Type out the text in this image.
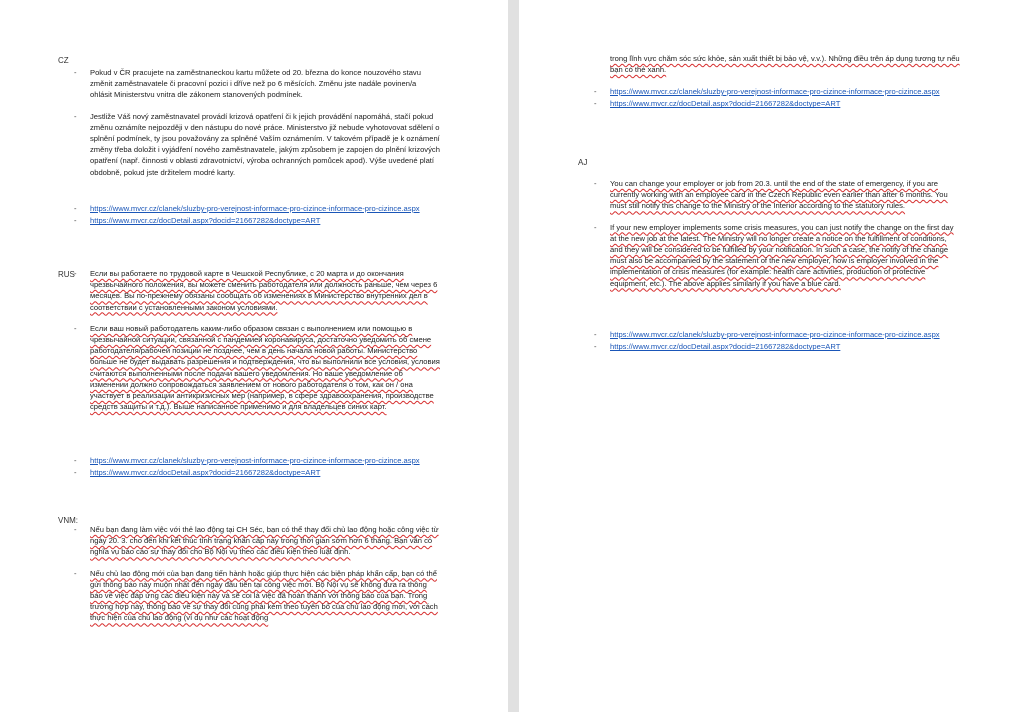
CZ
- Pokud v ČR pracujete na zaměstnaneckou kartu můžete od 20. března do konce nouzového stavu změnit zaměstnavatele či pracovní pozici i dříve než po 6 měsících. Změnu jste nadále povinen/a ohlásit Ministerstvu vnitra dle zákonem stanovených podmínek.
- Jestliže Váš nový zaměstnavatel provádí krizová opatření či k jejich provádění napomáhá, stačí pokud změnu oznámíte nejpozději v den nástupu do nové práce. Ministerstvo již nebude vyhotovovat sdělení o splnění podmínek, ty jsou považovány za splněné Vaším oznámením. V takovém případě je k oznámení změny třeba doložit i vyjádření nového zaměstnavatele, jakým způsobem je zapojen do plnění krizových opatření (např. činnosti v oblasti zdravotnictví, výroba ochranných pomůcek apod). Výše uvedené platí obdobně, pokud jste držitelem modré karty.
- https://www.mvcr.cz/clanek/sluzby-pro-verejnost-informace-pro-cizince-informace-pro-cizince.aspx
- https://www.mvcr.cz/docDetail.aspx?docid=21667282&doctype=ART
RUS
-	Если вы работаете по трудовой карте в Чешской Республике, с 20 марта и до окончания чрезвычайного положения, вы можете сменить работодателя или должность раньше, чем через 6 месяцев. Вы по-прежнему обязаны сообщать об изменениях в Министерство внутренних дел в соответствии с установленными законом условиями.
- Если ваш новый работодатель каким-либо образом связан с выполнением или помощью в чрезвычайной ситуации, связанной с пандемией коронавируса, достаточно уведомить об смене работодателя/рабочей позиции не позднее, чем в день начала новой работы. Министерство больше не будет выдавать разрешения и подтверждения, что вы выполнили все условия, условия считаются выполненными после подачи вашего уведомления. Но ваше уведомление об изменении должно сопровождаться заявлением от нового работодателя о том, как он / она участвует в реализации антикризисных мер (например, в сфере здравоохранения, производстве средств защиты и т.д.). Выше написанное применимо и для владельцев синих карт.
- https://www.mvcr.cz/clanek/sluzby-pro-verejnost-informace-pro-cizince-informace-pro-cizince.aspx
- https://www.mvcr.cz/docDetail.aspx?docid=21667282&doctype=ART
VNM:
- Nếu bạn đang làm việc với thẻ lao động tại CH Séc, bạn có thể thay đổi chủ lao động hoặc công việc từ ngày 20. 3. cho đến khi kết thúc tình trạng khẩn cấp này trong thời gian sớm hơn 6 tháng. Bạn vẫn có nghĩa vụ báo cáo sự thay đổi cho Bộ Nội vụ theo các điều kiện theo luật định.
- Nếu chủ lao động mới của bạn đang tiến hành hoặc giúp thực hiện các biện pháp khẩn cấp, bạn có thể gửi thông báo này muộn nhất đến ngày đầu tiên tại công việc mới. Bộ Nội vụ sẽ không đưa ra thông báo về việc đáp ứng các điều kiện này và sẽ coi là việc đã hoàn thành với thông báo của bạn. Trong trường hợp này, thông báo về sự thay đổi cũng phải kèm theo tuyên bố của chủ lao động mới, với cách thực hiện của chủ lao động (ví dụ như các hoạt động
trong lĩnh vực chăm sóc sức khỏe, sản xuất thiết bị bảo vệ, v.v.). Những điều trên áp dụng tương tự nếu bạn có thẻ xanh.
- https://www.mvcr.cz/clanek/sluzby-pro-verejnost-informace-pro-cizince-informace-pro-cizince.aspx
- https://www.mvcr.cz/docDetail.aspx?docid=21667282&doctype=ART
AJ
- You can change your employer or job from 20.3. until the end of the state of emergency, if you are currently working with an employee card in the Czech Republic even earlier than after 6 months. You must still notify this change to the Ministry of the Interior according to the statutory rules.
- If your new employer implements some crisis measures, you can just notify the change on the first day at the new job at the latest. The Ministry will no longer create a notice on the fulfillment of conditions, and they will be considered to be fulfilled by your notification. In such a case, the notify of the change must also be accompanied by the statement of the new employer, how is employer involved in the implementation of crisis measures (for example: health care activities, production of protective equipment, etc.). The above applies similarly if you have a blue card.
- https://www.mvcr.cz/clanek/sluzby-pro-verejnost-informace-pro-cizince-informace-pro-cizince.aspx
- https://www.mvcr.cz/docDetail.aspx?docid=21667282&doctype=ART
